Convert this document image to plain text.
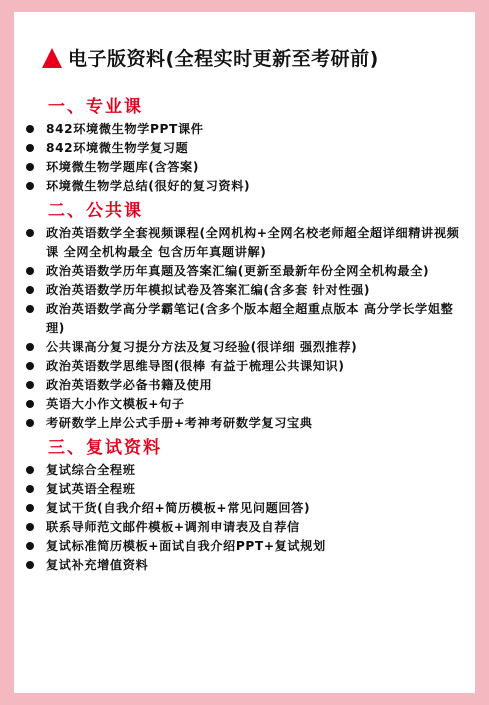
电子版资料(全程实时更新至考研前)
一、专业课
842环境微生物学PPT课件
842环境微生物学复习题
环境微生物学题库(含答案)
环境微生物学总结(很好的复习资料)
二、公共课
政治英语数学全套视频课程(全网机构+全网名校老师超全超详细精讲视频课 全网全机构最全 包含历年真题讲解)
政治英语数学历年真题及答案汇编(更新至最新年份全网全机构最全)
政治英语数学历年模拟试卷及答案汇编(含多套 针对性强)
政治英语数学高分学霸笔记(含多个版本超全超重点版本 高分学长学姐整理)
公共课高分复习提分方法及复习经验(很详细 强烈推荐)
政治英语数学思维导图(很棒 有益于梳理公共课知识)
政治英语数学必备书籍及使用
英语大小作文模板+句子
考研数学上岸公式手册+考神考研数学复习宝典
三、复试资料
复试综合全程班
复试英语全程班
复试干货(自我介绍+简历模板+常见问题回答)
联系导师范文邮件模板+调剂申请表及自荐信
复试标准简历模板+面试自我介绍PPT+复试规划
复试补充增值资料
